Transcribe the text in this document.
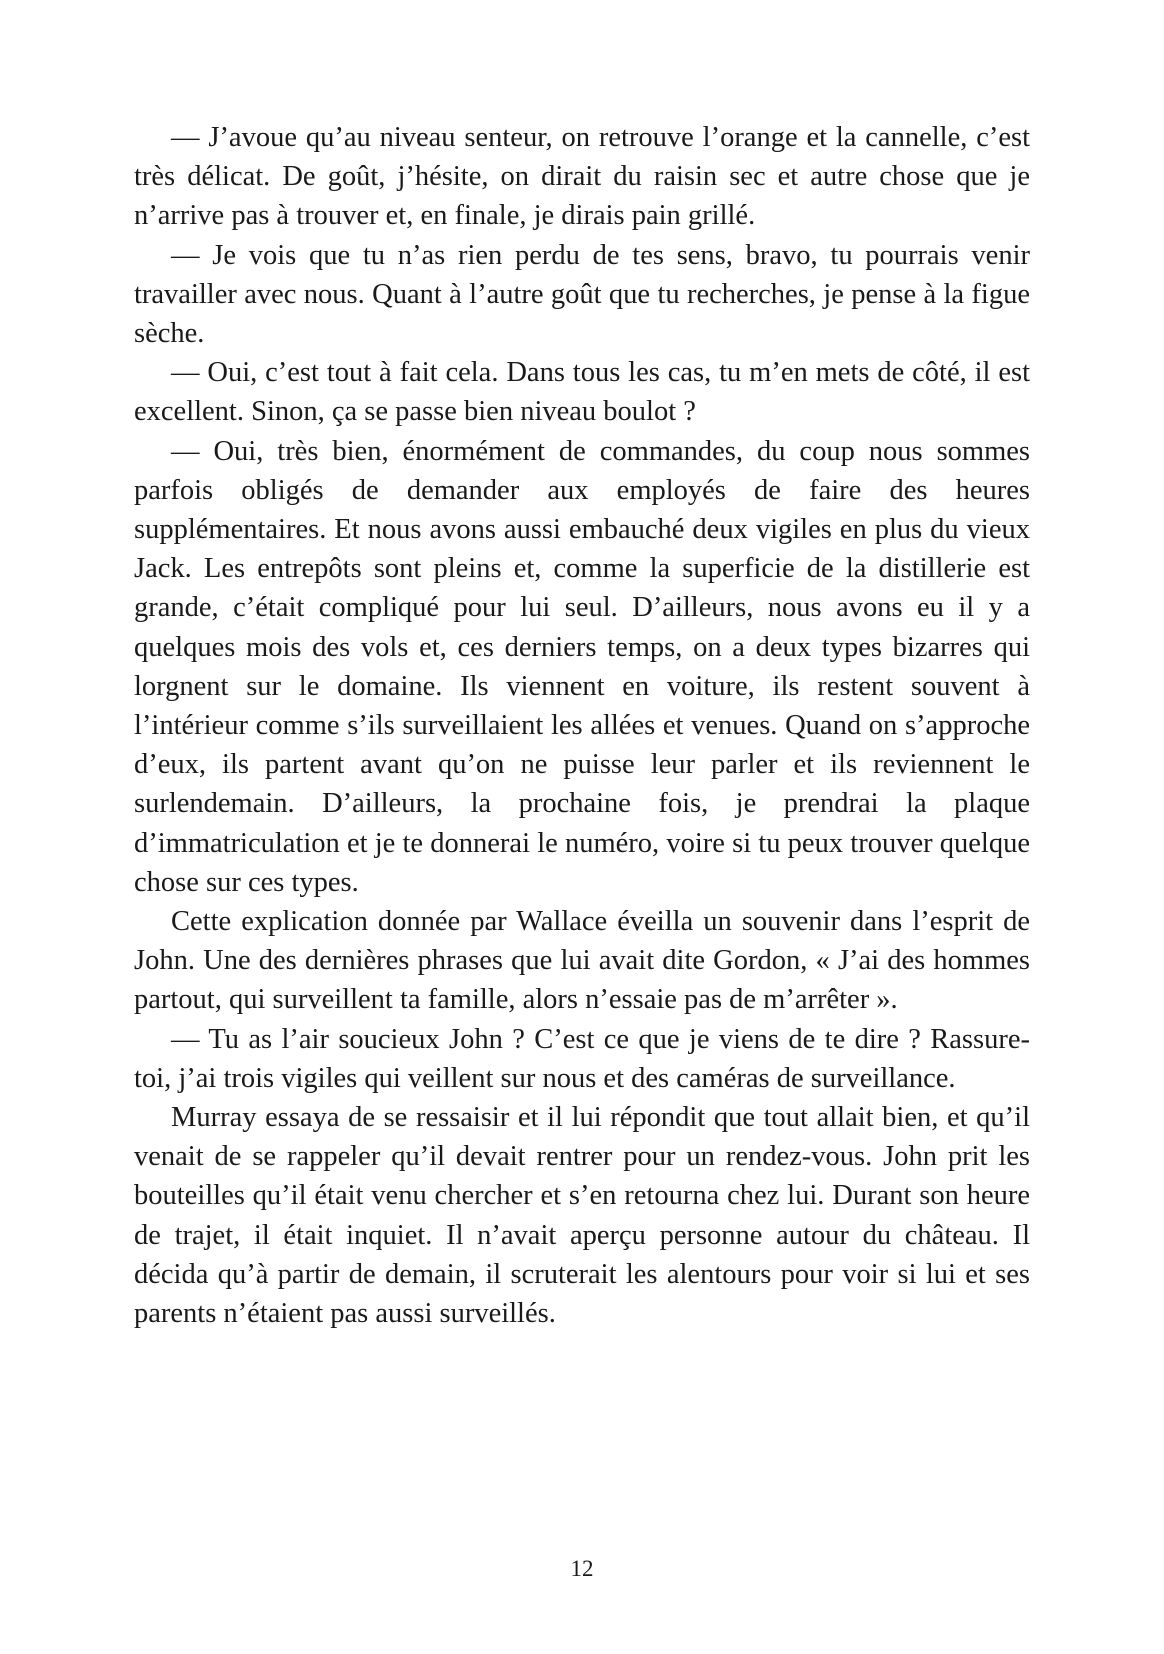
— J’avoue qu’au niveau senteur, on retrouve l’orange et la cannelle, c’est très délicat. De goût, j’hésite, on dirait du raisin sec et autre chose que je n’arrive pas à trouver et, en finale, je dirais pain grillé.

— Je vois que tu n’as rien perdu de tes sens, bravo, tu pourrais venir travailler avec nous. Quant à l’autre goût que tu recherches, je pense à la figue sèche.

— Oui, c’est tout à fait cela. Dans tous les cas, tu m’en mets de côté, il est excellent. Sinon, ça se passe bien niveau boulot ?

— Oui, très bien, énormément de commandes, du coup nous sommes parfois obligés de demander aux employés de faire des heures supplémentaires. Et nous avons aussi embauché deux vigiles en plus du vieux Jack. Les entrepôts sont pleins et, comme la superficie de la distillerie est grande, c’était compliqué pour lui seul. D’ailleurs, nous avons eu il y a quelques mois des vols et, ces derniers temps, on a deux types bizarres qui lorgnent sur le domaine. Ils viennent en voiture, ils restent souvent à l’intérieur comme s’ils surveillaient les allées et venues. Quand on s’approche d’eux, ils partent avant qu’on ne puisse leur parler et ils reviennent le surlendemain. D’ailleurs, la prochaine fois, je prendrai la plaque d’immatriculation et je te donnerai le numéro, voire si tu peux trouver quelque chose sur ces types.

Cette explication donnée par Wallace éveilla un souvenir dans l’esprit de John. Une des dernières phrases que lui avait dite Gordon, « J’ai des hommes partout, qui surveillent ta famille, alors n’essaie pas de m’arrêter ».

— Tu as l’air soucieux John ? C’est ce que je viens de te dire ? Rassure-toi, j’ai trois vigiles qui veillent sur nous et des caméras de surveillance.

Murray essaya de se ressaisir et il lui répondit que tout allait bien, et qu’il venait de se rappeler qu’il devait rentrer pour un rendez-vous. John prit les bouteilles qu’il était venu chercher et s’en retourna chez lui. Durant son heure de trajet, il était inquiet. Il n’avait aperçu personne autour du château. Il décida qu’à partir de demain, il scruterait les alentours pour voir si lui et ses parents n’étaient pas aussi surveillés.

12
